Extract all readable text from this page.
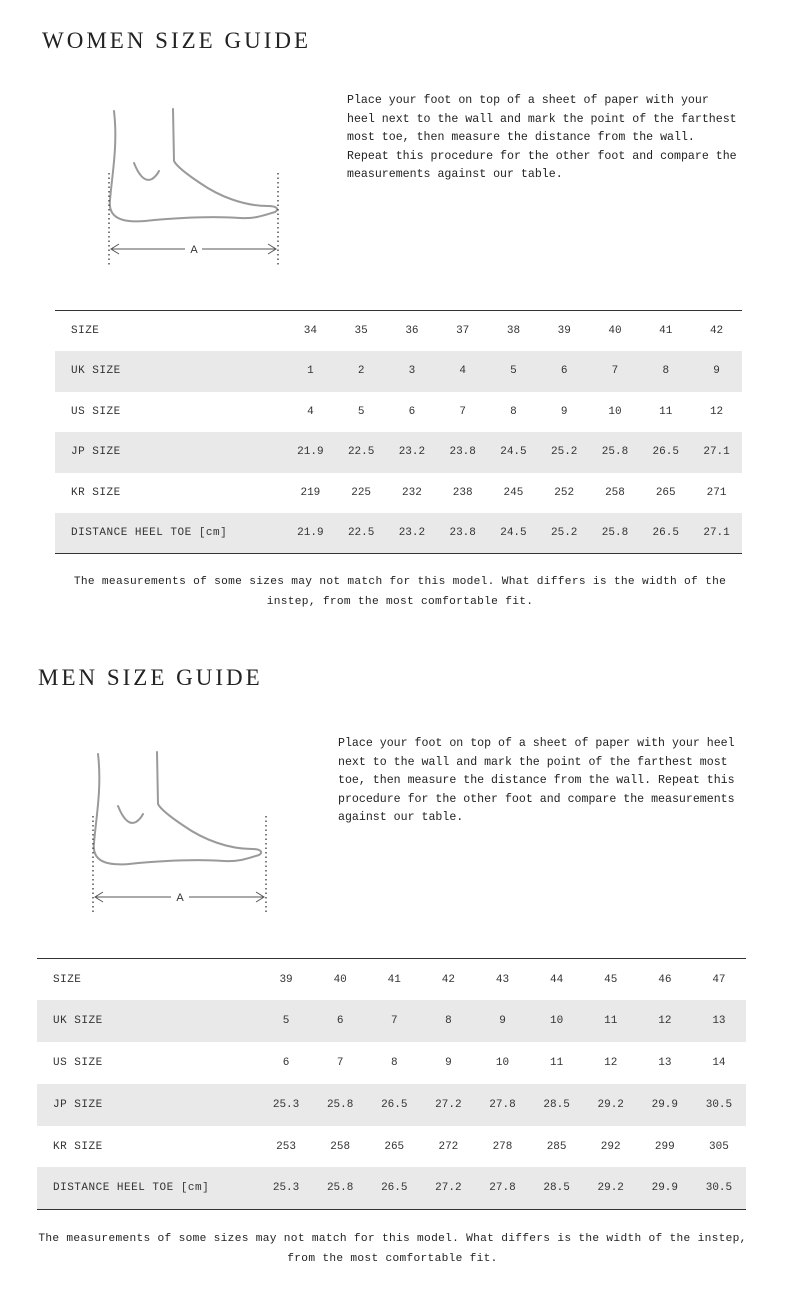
WOMEN SIZE GUIDE
A

Place your foot on top of a sheet of paper with your heel next to the wall and mark the point of the farthest most toe, then measure the distance from the wall. Repeat this procedure for the other foot and compare the measurements against our table.

SIZE	34	35	36	37	38	39	40	41	42
UK SIZE	1	2	3	4	5	6	7	8	9
US SIZE	4	5	6	7	8	9	10	11	12
JP SIZE	21.9	22.5	23.2	23.8	24.5	25.2	25.8	26.5	27.1
KR SIZE	219	225	232	238	245	252	258	265	271
DISTANCE HEEL TOE [cm]	21.9	22.5	23.2	23.8	24.5	25.2	25.8	26.5	27.1

The measurements of some sizes may not match for this model. What differs is the width of the instep, from the most comfortable fit.

MEN SIZE GUIDE
A

Place your foot on top of a sheet of paper with your heel next to the wall and mark the point of the farthest most toe, then measure the distance from the wall. Repeat this procedure for the other foot and compare the measurements against our table.

SIZE	39	40	41	42	43	44	45	46	47
UK SIZE	5	6	7	8	9	10	11	12	13
US SIZE	6	7	8	9	10	11	12	13	14
JP SIZE	25.3	25.8	26.5	27.2	27.8	28.5	29.2	29.9	30.5
KR SIZE	253	258	265	272	278	285	292	299	305
DISTANCE HEEL TOE [cm]	25.3	25.8	26.5	27.2	27.8	28.5	29.2	29.9	30.5

The measurements of some sizes may not match for this model. What differs is the width of the instep, from the most comfortable fit.
